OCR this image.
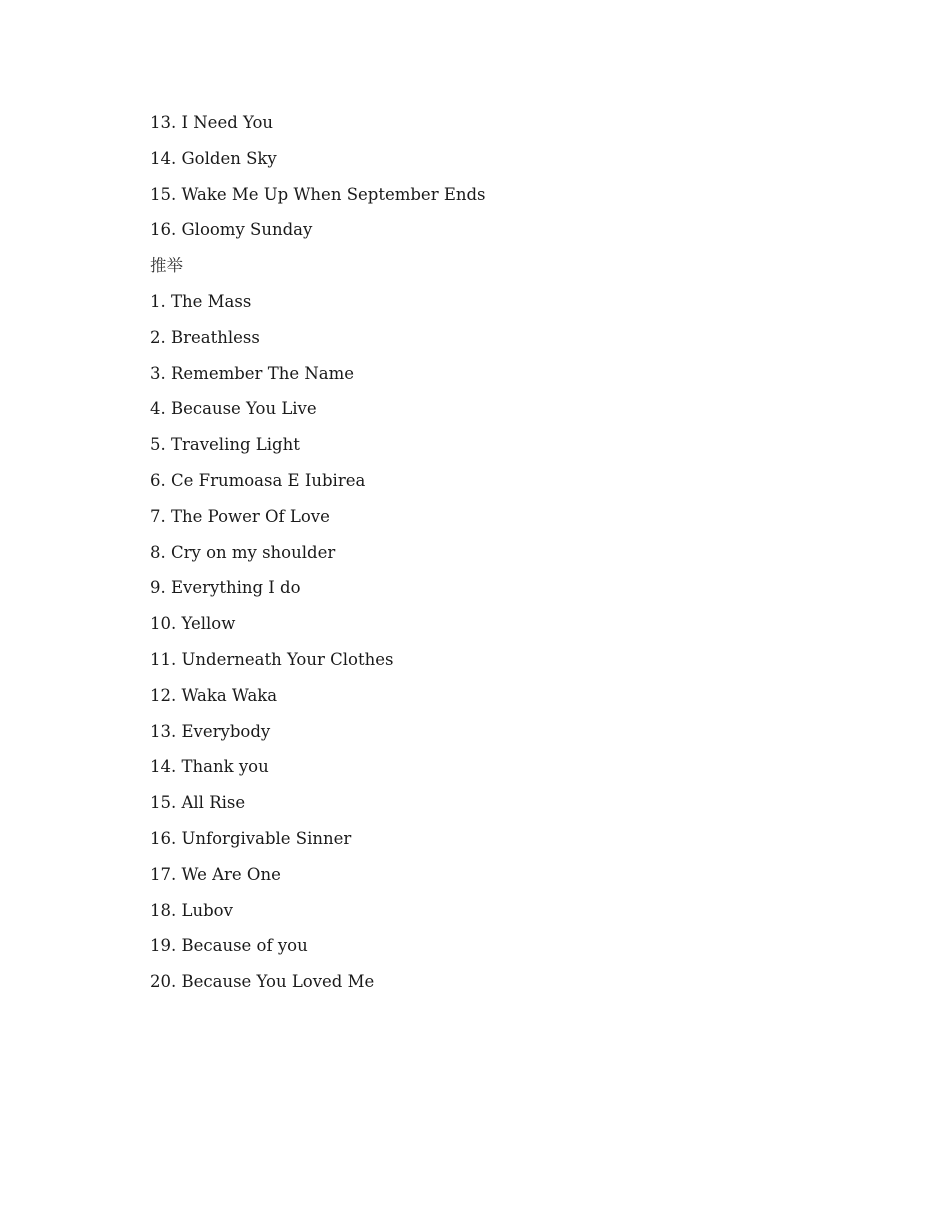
13. I Need You
14. Golden Sky
15. Wake Me Up When September Ends
16. Gloomy Sunday
推举
1. The Mass
2. Breathless
3. Remember The Name
4. Because You Live
5. Traveling Light
6. Ce Frumoasa E Iubirea
7. The Power Of Love
8. Cry on my shoulder
9. Everything I do
10. Yellow
11. Underneath Your Clothes
12. Waka Waka
13. Everybody
14. Thank you
15. All Rise
16. Unforgivable Sinner
17. We Are One
18. Lubov
19. Because of you
20. Because You Loved Me
